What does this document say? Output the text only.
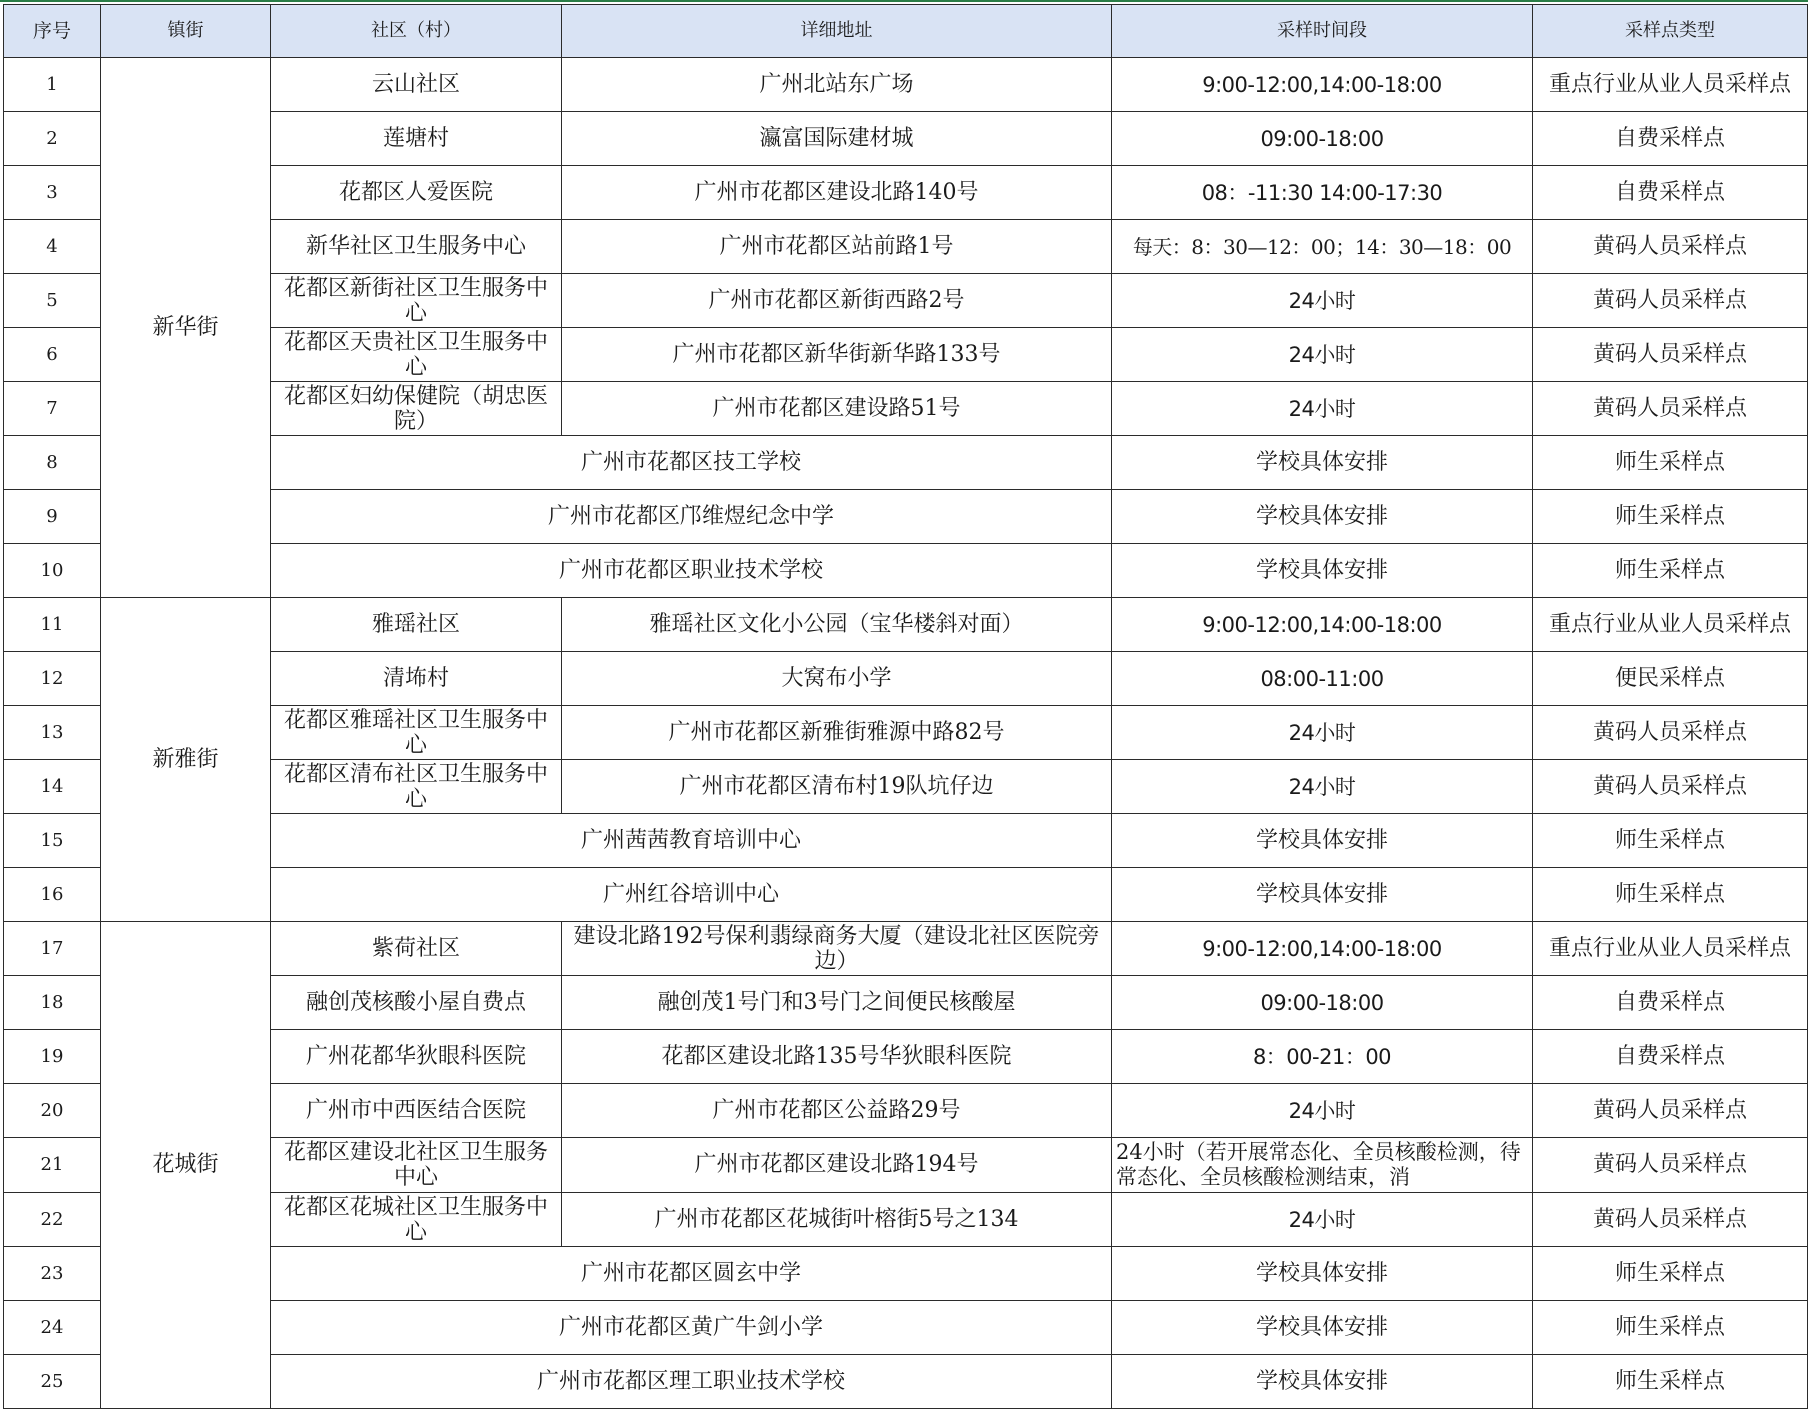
序号	镇街	社区（村）	详细地址	采样时间段	采样点类型
1	新华街	云山社区	广州北站东广场	9:00-12:00,14:00-18:00	重点行业从业人员采样点
2		莲塘村	瀛富国际建材城	09:00-18:00	自费采样点
3		花都区人爱医院	广州市花都区建设北路140号	08：-11:30 14:00-17:30	自费采样点
4		新华社区卫生服务中心	广州市花都区站前路1号	每天：8：30—12：00；14：30—18：00	黄码人员采样点
5		花都区新街社区卫生服务中心	广州市花都区新街西路2号	24小时	黄码人员采样点
6		花都区天贵社区卫生服务中心	广州市花都区新华街新华路133号	24小时	黄码人员采样点
7		花都区妇幼保健院（胡忠医院）	广州市花都区建设路51号	24小时	黄码人员采样点
8		广州市花都区技工学校		学校具体安排	师生采样点
9		广州市花都区邝维煜纪念中学		学校具体安排	师生采样点
10		广州市花都区职业技术学校		学校具体安排	师生采样点
11	新雅街	雅瑶社区	雅瑶社区文化小公园（宝华楼斜对面）	9:00-12:00,14:00-18:00	重点行业从业人员采样点
12		清㘵村	大窝布小学	08:00-11:00	便民采样点
13		花都区雅瑶社区卫生服务中心	广州市花都区新雅街雅源中路82号	24小时	黄码人员采样点
14		花都区清布社区卫生服务中心	广州市花都区清布村19队坑仔边	24小时	黄码人员采样点
15		广州茜茜教育培训中心		学校具体安排	师生采样点
16		广州红谷培训中心		学校具体安排	师生采样点
17	花城街	紫荷社区	建设北路192号保利翡绿商务大厦（建设北社区医院旁边）	9:00-12:00,14:00-18:00	重点行业从业人员采样点
18		融创茂核酸小屋自费点	融创茂1号门和3号门之间便民核酸屋	09:00-18:00	自费采样点
19		广州花都华狄眼科医院	花都区建设北路135号华狄眼科医院	8：00-21：00	自费采样点
20		广州市中西医结合医院	广州市花都区公益路29号	24小时	黄码人员采样点
21		花都区建设北社区卫生服务中心	广州市花都区建设北路194号	24小时（若开展常态化、全员核酸检测，待常态化、全员核酸检测结束，消	黄码人员采样点
22		花都区花城社区卫生服务中心	广州市花都区花城街叶榕街5号之134	24小时	黄码人员采样点
23		广州市花都区圆玄中学		学校具体安排	师生采样点
24		广州市花都区黄广牛剑小学		学校具体安排	师生采样点
25		广州市花都区理工职业技术学校		学校具体安排	师生采样点
